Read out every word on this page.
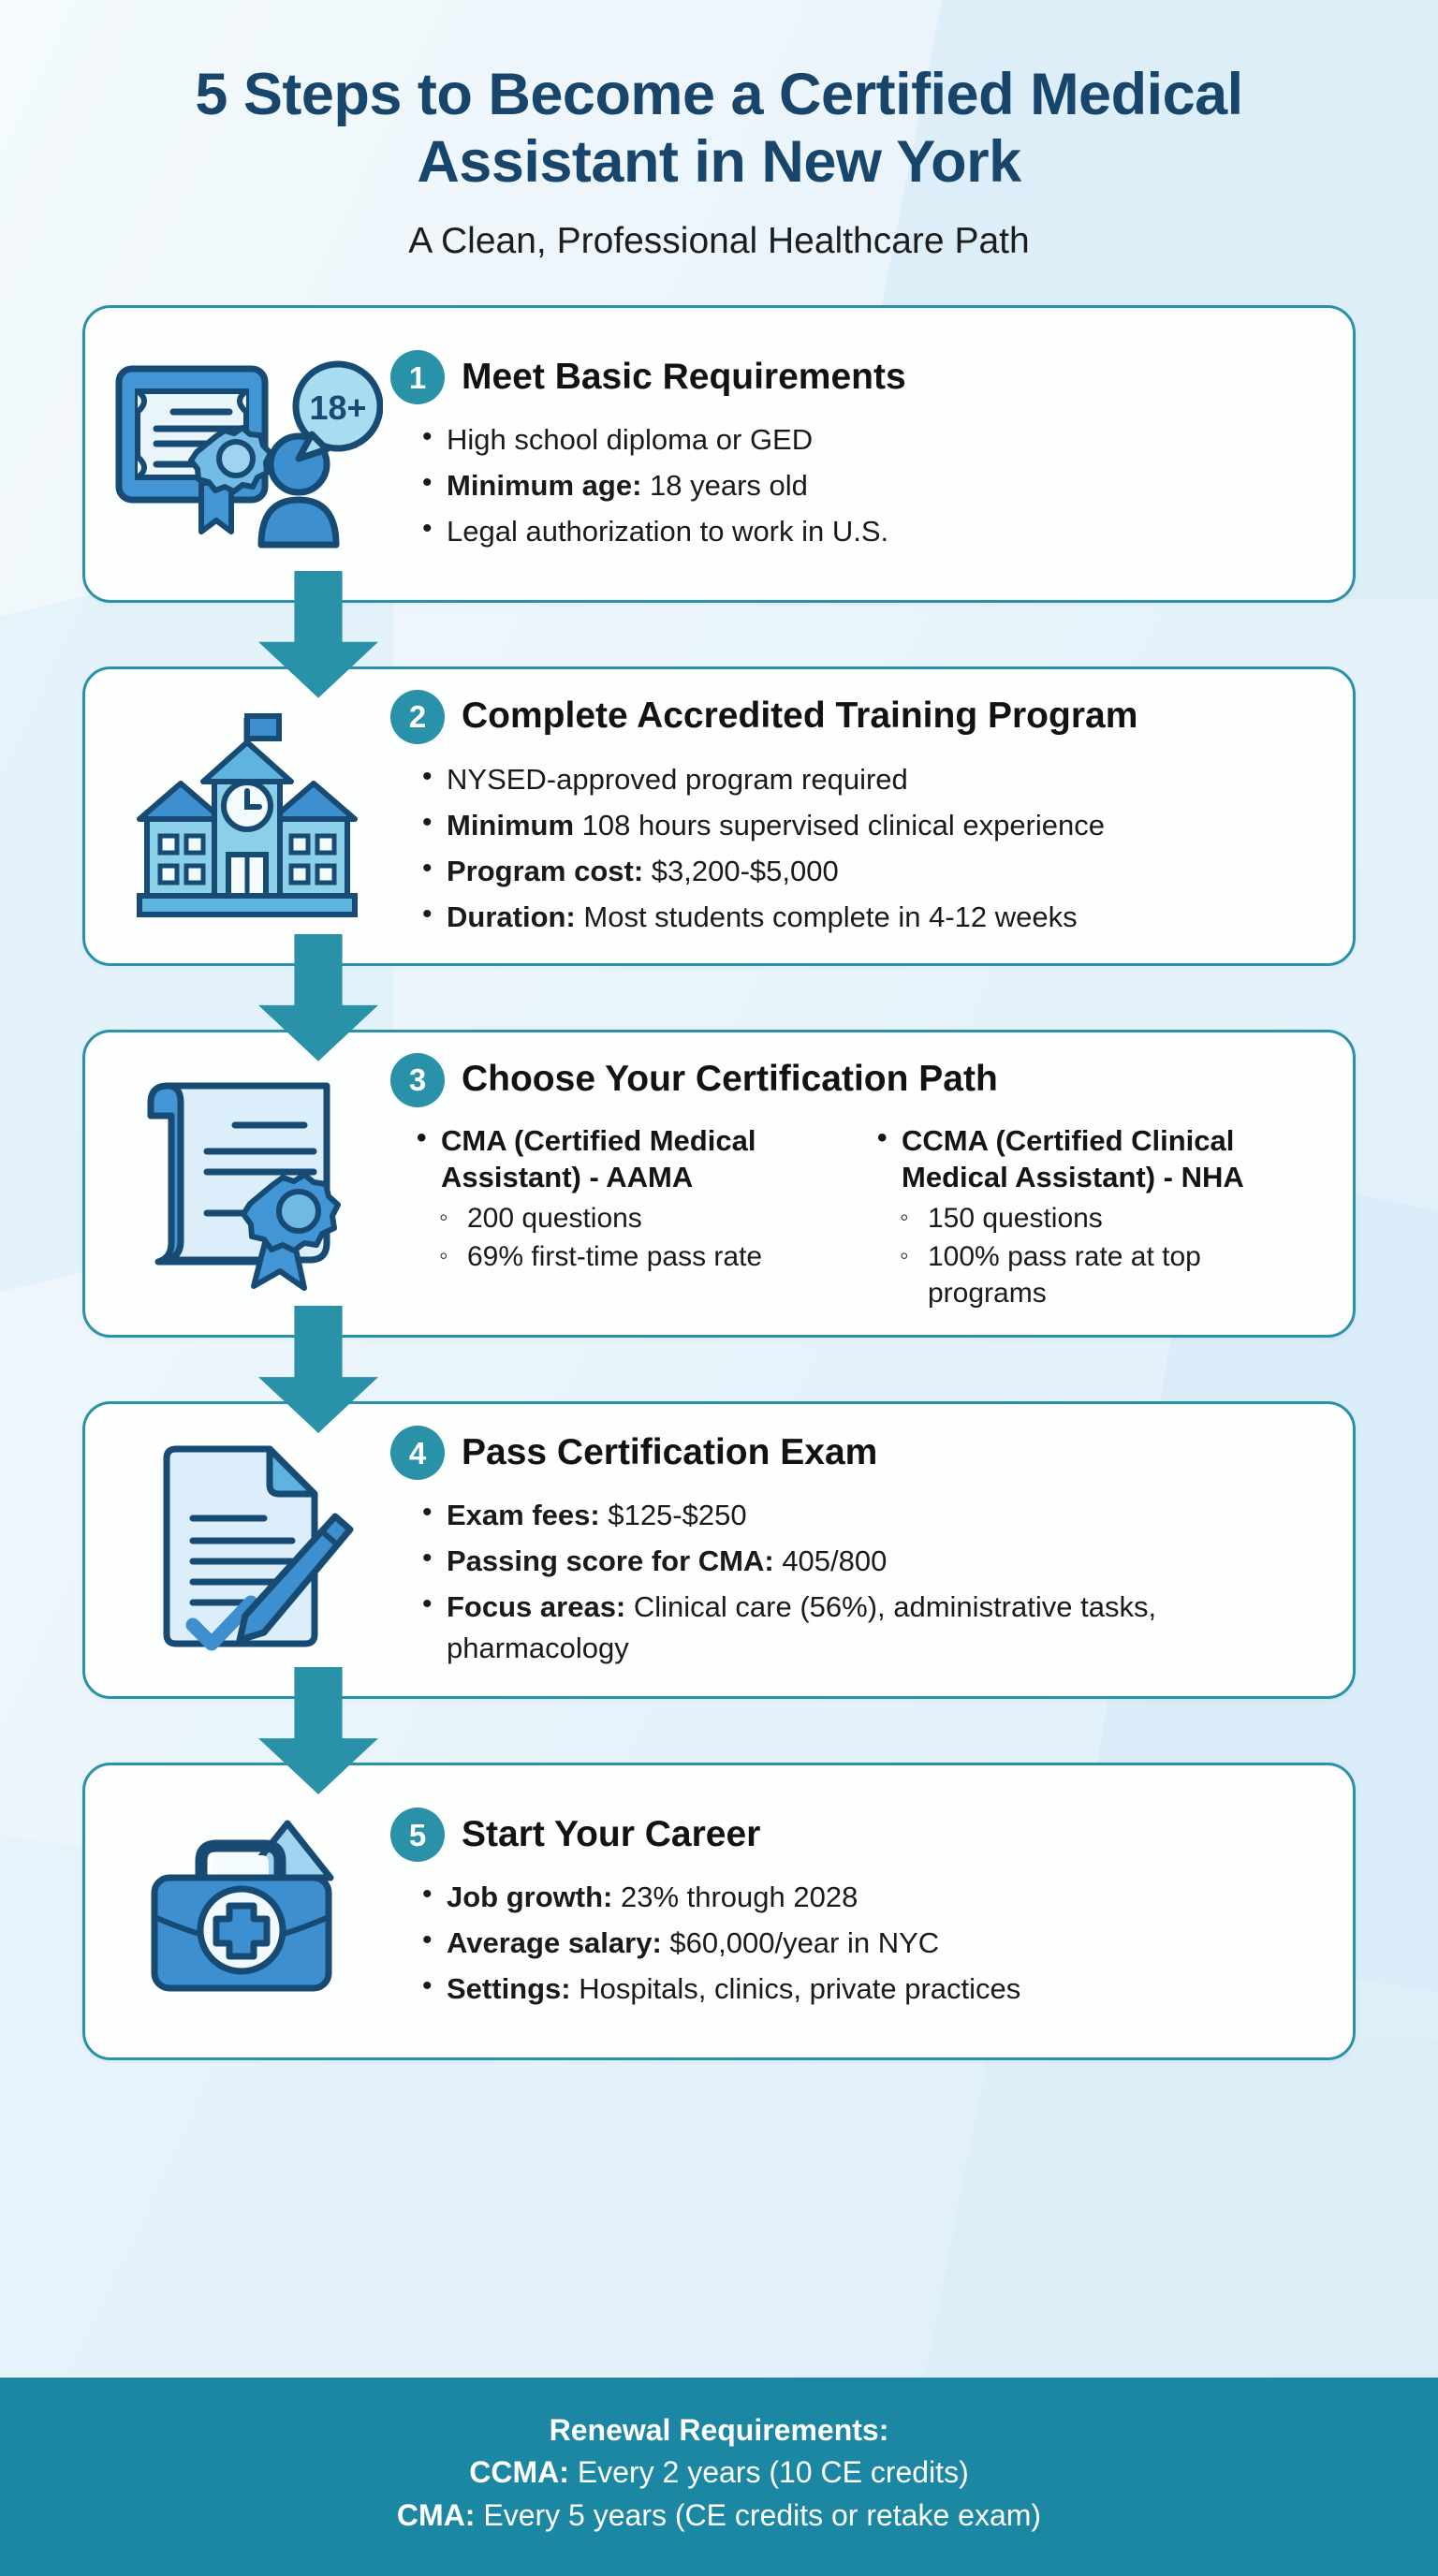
5 Steps to Become a Certified Medical Assistant in New York
A Clean, Professional Healthcare Path
18+
1 Meet Basic Requirements
• High school diploma or GED
• Minimum age: 18 years old
• Legal authorization to work in U.S.
2 Complete Accredited Training Program
• NYSED-approved program required
• Minimum 108 hours supervised clinical experience
• Program cost: $3,200-$5,000
• Duration: Most students complete in 4-12 weeks
3 Choose Your Certification Path
• CMA (Certified Medical Assistant) - AAMA
◦ 200 questions
◦ 69% first-time pass rate
• CCMA (Certified Clinical Medical Assistant) - NHA
◦ 150 questions
◦ 100% pass rate at top programs
4 Pass Certification Exam
• Exam fees: $125-$250
• Passing score for CMA: 405/800
• Focus areas: Clinical care (56%), administrative tasks, pharmacology
5 Start Your Career
• Job growth: 23% through 2028
• Average salary: $60,000/year in NYC
• Settings: Hospitals, clinics, private practices
Renewal Requirements:
CCMA: Every 2 years (10 CE credits)
CMA: Every 5 years (CE credits or retake exam)
